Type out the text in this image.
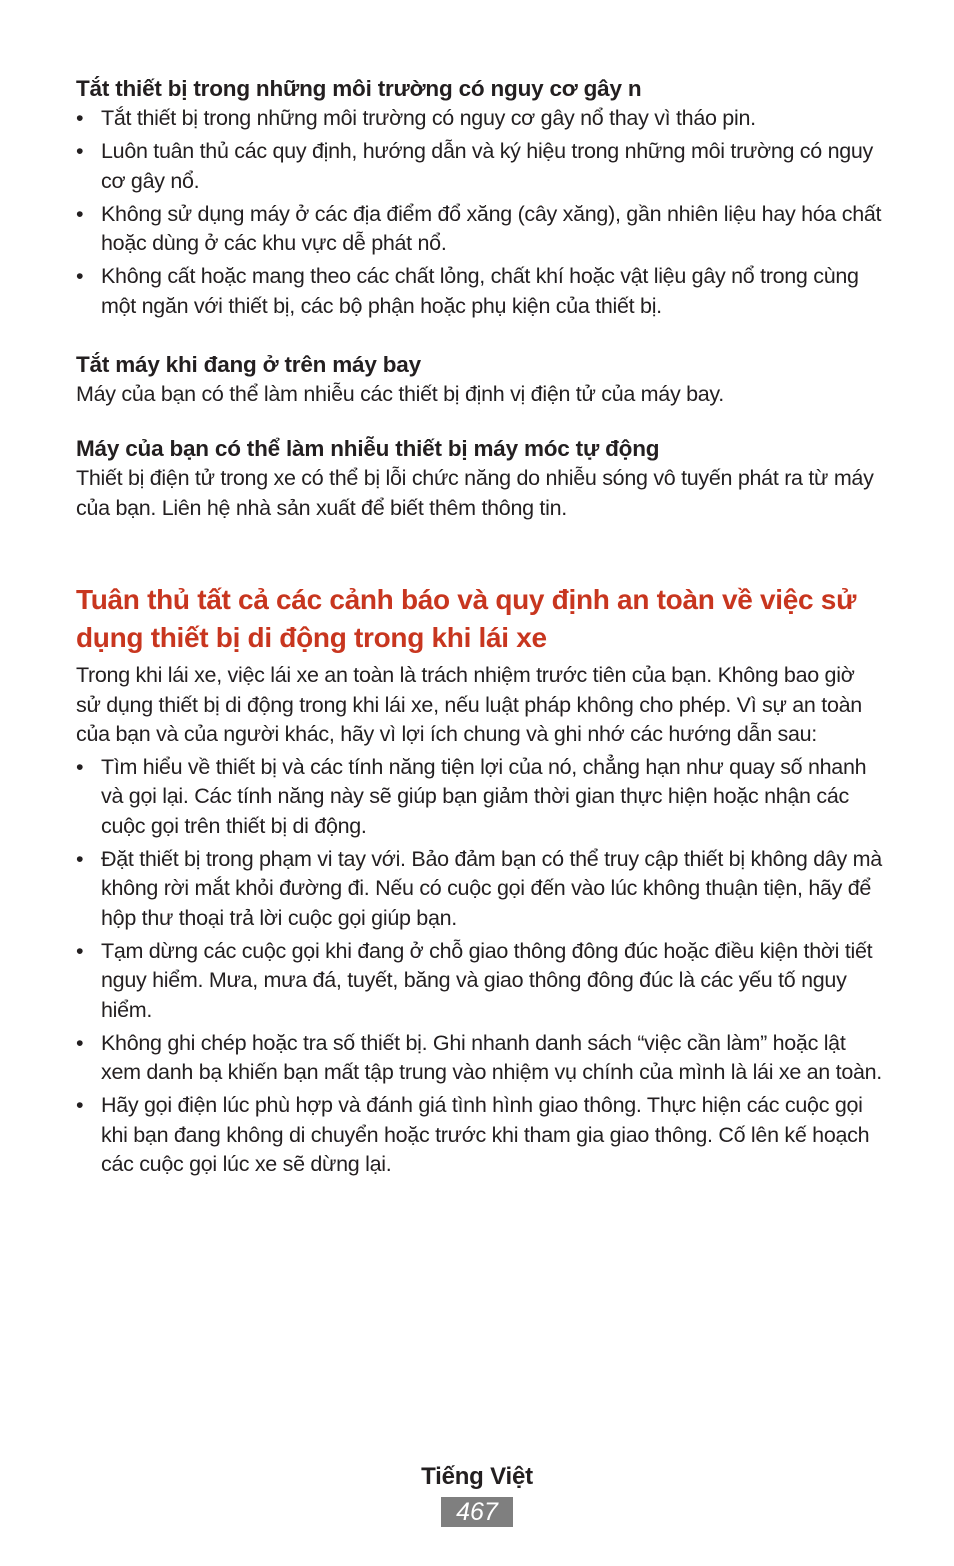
Tắt thiết bị trong những môi trường có nguy cơ gây n
• Tắt thiết bị trong những môi trường có nguy cơ gây nổ thay vì tháo pin.
• Luôn tuân thủ các quy định, hướng dẫn và ký hiệu trong những môi trường có nguy cơ gây nổ.
• Không sử dụng máy ở các địa điểm đổ xăng (cây xăng), gần nhiên liệu hay hóa chất hoặc dùng ở các khu vực dễ phát nổ.
• Không cất hoặc mang theo các chất lỏng, chất khí hoặc vật liệu gây nổ trong cùng một ngăn với thiết bị, các bộ phận hoặc phụ kiện của thiết bị.
Tắt máy khi đang ở trên máy bay

Máy của bạn có thể làm nhiễu các thiết bị định vị điện tử của máy bay.

Máy của bạn có thể làm nhiễu thiết bị máy móc tự động

Thiết bị điện tử trong xe có thể bị lỗi chức năng do nhiễu sóng vô tuyến phát ra từ máy của bạn. Liên hệ nhà sản xuất để biết thêm thông tin.

Tuân thủ tất cả các cảnh báo và quy định an toàn về việc sử dụng thiết bị di động trong khi lái xe

Trong khi lái xe, việc lái xe an toàn là trách nhiệm trước tiên của bạn. Không bao giờ sử dụng thiết bị di động trong khi lái xe, nếu luật pháp không cho phép. Vì sự an toàn của bạn và của người khác, hãy vì lợi ích chung và ghi nhớ các hướng dẫn sau:

• Tìm hiểu về thiết bị và các tính năng tiện lợi của nó, chẳng hạn như quay số nhanh và gọi lại. Các tính năng này sẽ giúp bạn giảm thời gian thực hiện hoặc nhận các cuộc gọi trên thiết bị di động.
• Đặt thiết bị trong phạm vi tay với. Bảo đảm bạn có thể truy cập thiết bị không dây mà không rời mắt khỏi đường đi. Nếu có cuộc gọi đến vào lúc không thuận tiện, hãy để hộp thư thoại trả lời cuộc gọi giúp bạn.
• Tạm dừng các cuộc gọi khi đang ở chỗ giao thông đông đúc hoặc điều kiện thời tiết nguy hiểm. Mưa, mưa đá, tuyết, băng và giao thông đông đúc là các yếu tố nguy hiểm.
• Không ghi chép hoặc tra số thiết bị. Ghi nhanh danh sách “việc cần làm” hoặc lật xem danh bạ khiến bạn mất tập trung vào nhiệm vụ chính của mình là lái xe an toàn.
• Hãy gọi điện lúc phù hợp và đánh giá tình hình giao thông. Thực hiện các cuộc gọi khi bạn đang không di chuyển hoặc trước khi tham gia giao thông. Cố lên kế hoạch các cuộc gọi lúc xe sẽ dừng lại.
Tiếng Việt
467
